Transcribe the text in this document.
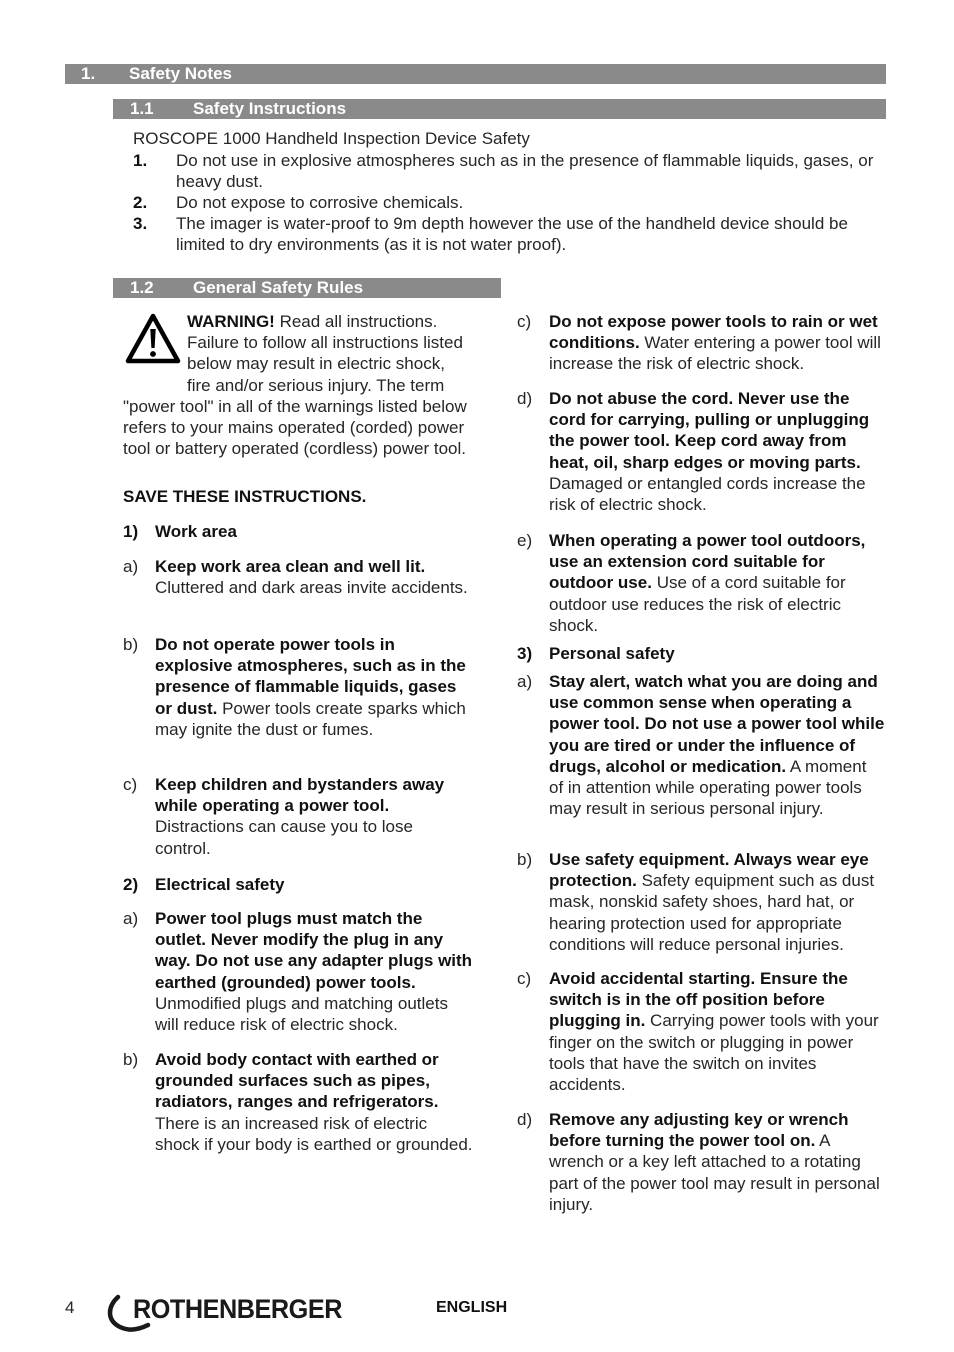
1. Safety Notes
1.1 Safety Instructions

ROSCOPE 1000 Handheld Inspection Device Safety

1. Do not use in explosive atmospheres such as in the presence of flammable liquids, gases, or heavy dust.

2. Do not expose to corrosive chemicals.

3. The imager is water-proof to 9m depth however the use of the handheld device should be limited to dry environments (as it is not water proof).

1.2 General Safety Rules

WARNING! Read all instructions. Failure to follow all instructions listed below may result in electric shock, fire and/or serious injury. The term "power tool" in all of the warnings listed below refers to your mains operated (corded) power tool or battery operated (cordless) power tool.

SAVE THESE INSTRUCTIONS.

1) Work area
a) Keep work area clean and well lit. Cluttered and dark areas invite accidents.

b) Do not operate power tools in explosive atmospheres, such as in the presence of flammable liquids, gases or dust. Power tools create sparks which may ignite the dust or fumes.

c) Keep children and bystanders away while operating a power tool. Distractions can cause you to lose control.

2) Electrical safety
a) Power tool plugs must match the outlet. Never modify the plug in any way. Do not use any adapter plugs with earthed (grounded) power tools. Unmodified plugs and matching outlets will reduce risk of electric shock.

b) Avoid body contact with earthed or grounded surfaces such as pipes, radiators, ranges and refrigerators. There is an increased risk of electric shock if your body is earthed or grounded.

c) Do not expose power tools to rain or wet conditions. Water entering a power tool will increase the risk of electric shock.

d) Do not abuse the cord. Never use the cord for carrying, pulling or unplugging the power tool. Keep cord away from heat, oil, sharp edges or moving parts. Damaged or entangled cords increase the risk of electric shock.

e) When operating a power tool outdoors, use an extension cord suitable for outdoor use. Use of a cord suitable for outdoor use reduces the risk of electric shock.

3) Personal safety
a) Stay alert, watch what you are doing and use common sense when operating a power tool. Do not use a power tool while you are tired or under the influence of drugs, alcohol or medication. A moment of in attention while operating power tools may result in serious personal injury.

b) Use safety equipment. Always wear eye protection. Safety equipment such as dust mask, nonskid safety shoes, hard hat, or hearing protection used for appropriate conditions will reduce personal injuries.

c) Avoid accidental starting. Ensure the switch is in the off position before plugging in. Carrying power tools with your finger on the switch or plugging in power tools that have the switch on invites accidents.

d) Remove any adjusting key or wrench before turning the power tool on. A wrench or a key left attached to a rotating part of the power tool may result in personal injury.

4 ROTHENBERGER	ENGLISH
